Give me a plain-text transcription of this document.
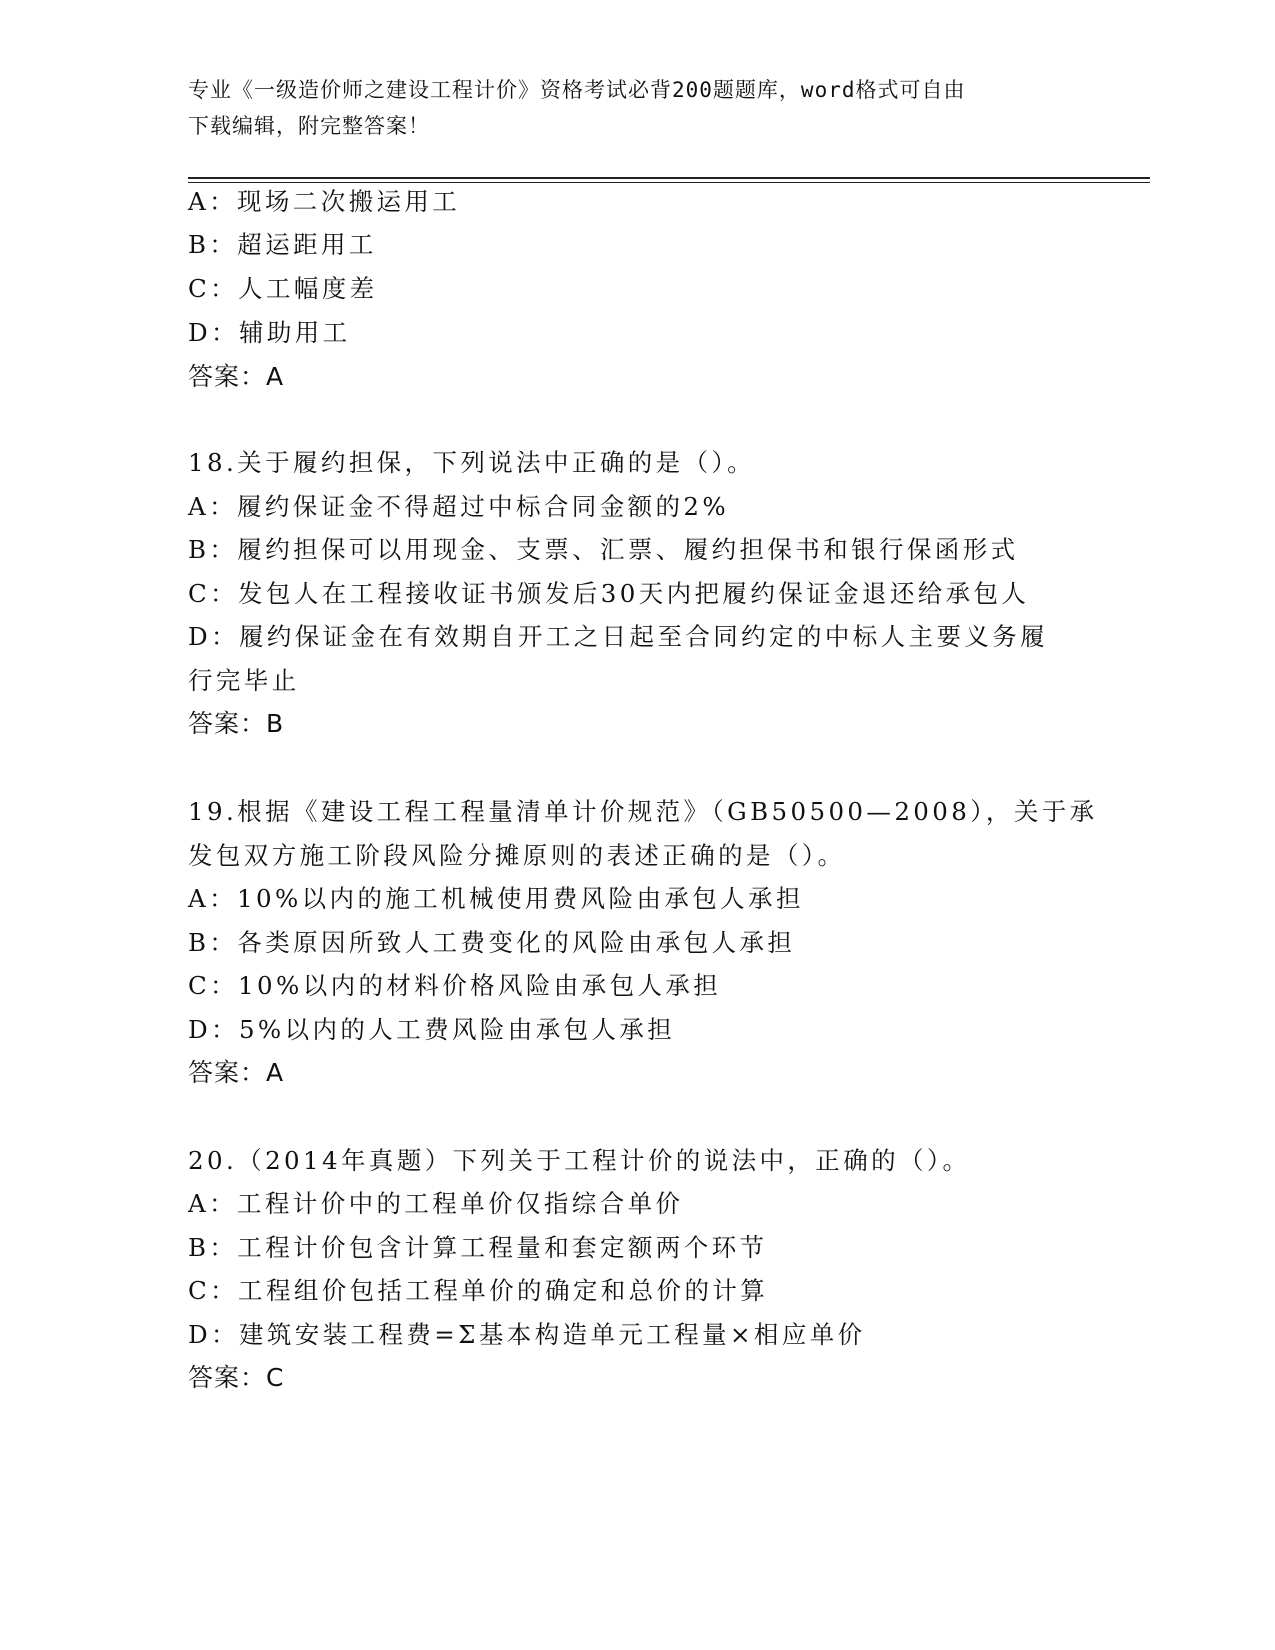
专业《一级造价师之建设工程计价》资格考试必背200题题库，word格式可自由
下载编辑，附完整答案！
A：现场二次搬运用工
B：超运距用工
C：人工幅度差
D：辅助用工
答案：A
18.关于履约担保，下列说法中正确的是（）。
A：履约保证金不得超过中标合同金额的2%
B：履约担保可以用现金、支票、汇票、履约担保书和银行保函形式
C：发包人在工程接收证书颁发后30天内把履约保证金退还给承包人
D：履约保证金在有效期自开工之日起至合同约定的中标人主要义务履
行完毕止
答案：B
19.根据《建设工程工程量清单计价规范》（GB50500—2008），关于承
发包双方施工阶段风险分摊原则的表述正确的是（）。
A：10%以内的施工机械使用费风险由承包人承担
B：各类原因所致人工费变化的风险由承包人承担
C：10%以内的材料价格风险由承包人承担
D：5%以内的人工费风险由承包人承担
答案：A
20.（2014年真题）下列关于工程计价的说法中，正确的（）。
A：工程计价中的工程单价仅指综合单价
B：工程计价包含计算工程量和套定额两个环节
C：工程组价包括工程单价的确定和总价的计算
D：建筑安装工程费=Σ基本构造单元工程量×相应单价
答案：C
